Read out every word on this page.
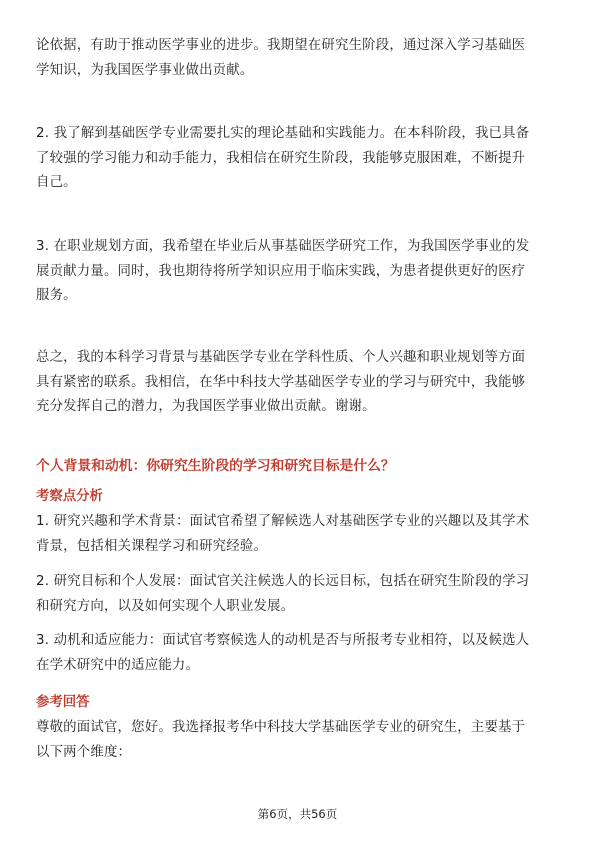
论依据，有助于推动医学事业的进步。我期望在研究生阶段，通过深入学习基础医
学知识，为我国医学事业做出贡献。

2. 我了解到基础医学专业需要扎实的理论基础和实践能力。在本科阶段，我已具备
了较强的学习能力和动手能力，我相信在研究生阶段，我能够克服困难，不断提升
自己。

3. 在职业规划方面，我希望在毕业后从事基础医学研究工作，为我国医学事业的发
展贡献力量。同时，我也期待将所学知识应用于临床实践，为患者提供更好的医疗
服务。

总之，我的本科学习背景与基础医学专业在学科性质、个人兴趣和职业规划等方面
具有紧密的联系。我相信，在华中科技大学基础医学专业的学习与研究中，我能够
充分发挥自己的潜力，为我国医学事业做出贡献。谢谢。

个人背景和动机：你研究生阶段的学习和研究目标是什么？

考察点分析

1. 研究兴趣和学术背景：面试官希望了解候选人对基础医学专业的兴趣以及其学术
背景，包括相关课程学习和研究经验。

2. 研究目标和个人发展：面试官关注候选人的长远目标，包括在研究生阶段的学习
和研究方向，以及如何实现个人职业发展。

3. 动机和适应能力：面试官考察候选人的动机是否与所报考专业相符，以及候选人
在学术研究中的适应能力。

参考回答

尊敬的面试官，您好。我选择报考华中科技大学基础医学专业的研究生，主要基于
以下两个维度：

第6页，共56页
